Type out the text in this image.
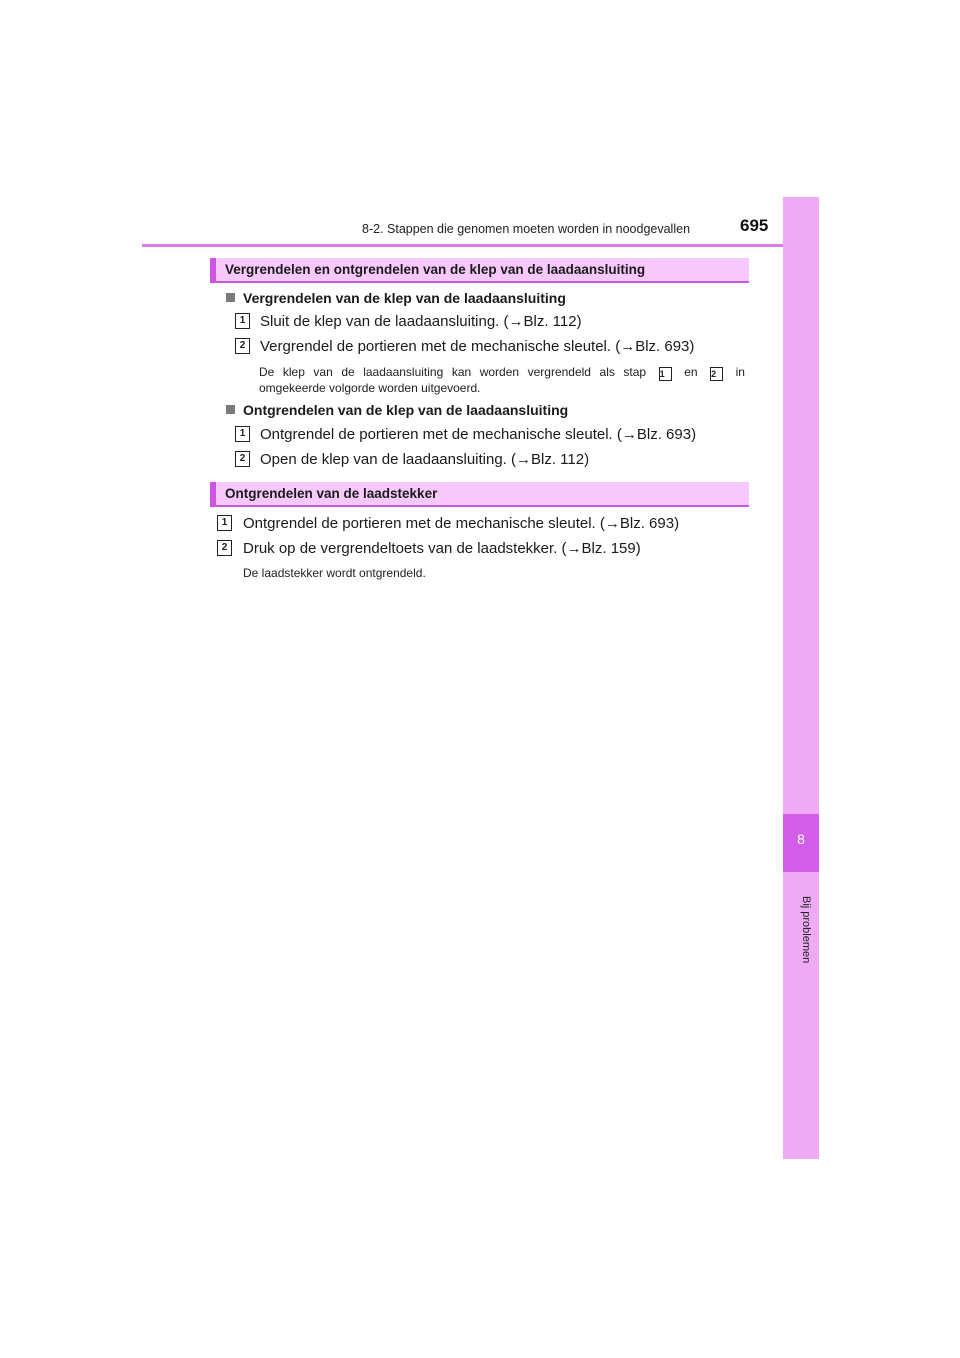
8-2. Stappen die genomen moeten worden in noodgevallen	695
8
Bij problemen
Vergrendelen en ontgrendelen van de klep van de laadaansluiting
Vergrendelen van de klep van de laadaansluiting
1 Sluit de klep van de laadaansluiting. (→Blz. 112)
2 Vergrendel de portieren met de mechanische sleutel. (→Blz. 693)
De klep van de laadaansluiting kan worden vergrendeld als stap 1 en 2 in
omgekeerde volgorde worden uitgevoerd.
Ontgrendelen van de klep van de laadaansluiting
1 Ontgrendel de portieren met de mechanische sleutel. (→Blz. 693)
2 Open de klep van de laadaansluiting. (→Blz. 112)
Ontgrendelen van de laadstekker
1	Ontgrendel de portieren met de mechanische sleutel. (→Blz. 693)
2	Druk op de vergrendeltoets van de laadstekker. (→Blz. 159)
De laadstekker wordt ontgrendeld.
